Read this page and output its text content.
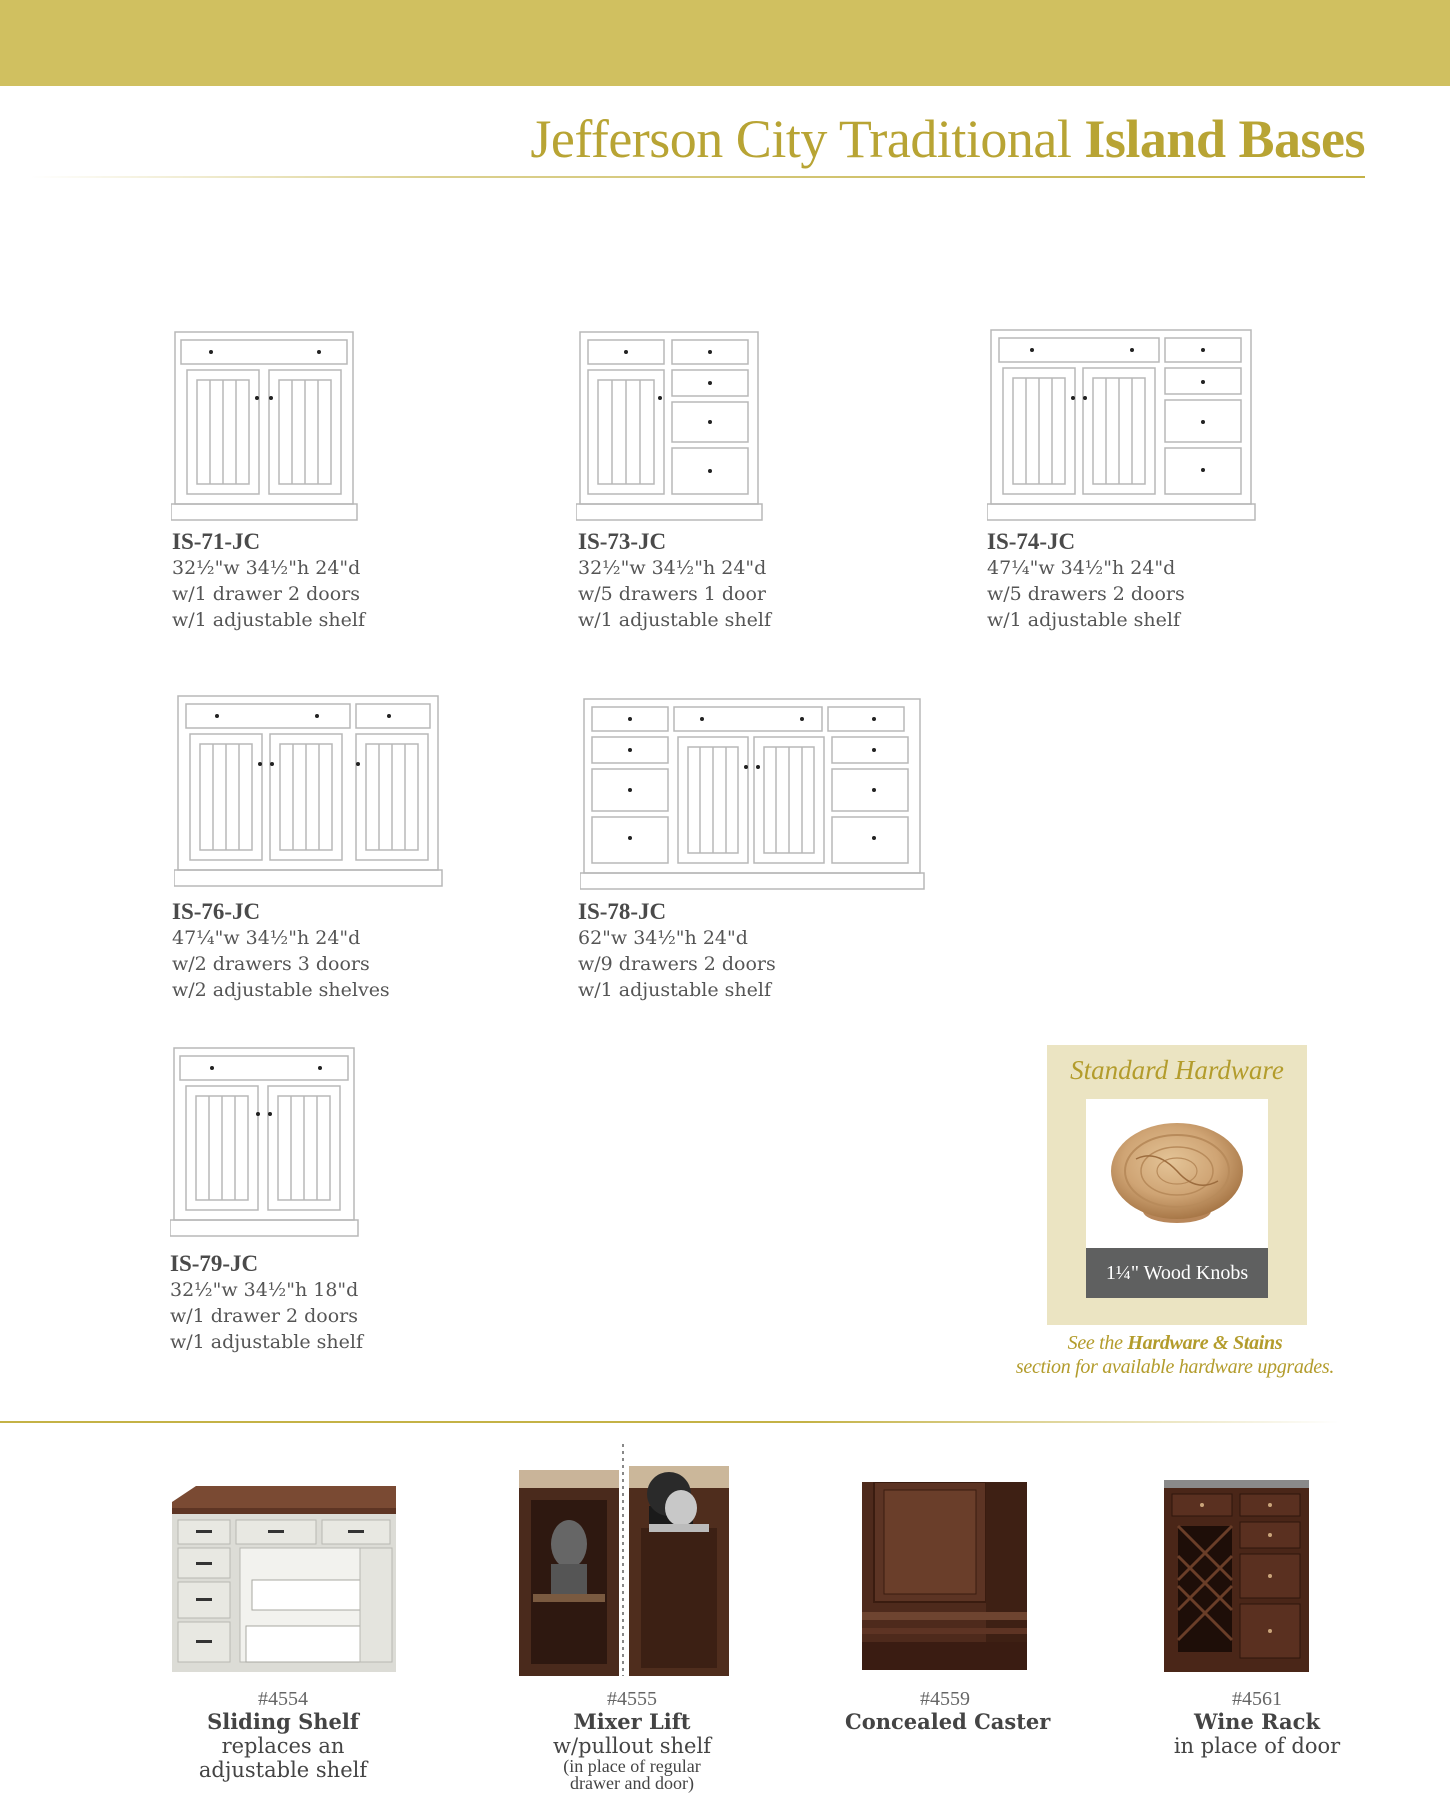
Jefferson City Traditional Island Bases
IS-71-JC
32½"w 34½"h 24"d
w/1 drawer 2 doors
w/1 adjustable shelf
IS-73-JC
32½"w 34½"h 24"d
w/5 drawers 1 door
w/1 adjustable shelf
IS-74-JC
47¼"w 34½"h 24"d
w/5 drawers 2 doors
w/1 adjustable shelf
IS-76-JC
47¼"w 34½"h 24"d
w/2 drawers 3 doors
w/2 adjustable shelves
IS-78-JC
62"w 34½"h 24"d
w/9 drawers 2 doors
w/1 adjustable shelf
IS-79-JC
32½"w 34½"h 18"d
w/1 drawer 2 doors
w/1 adjustable shelf
Standard Hardware
1¼" Wood Knobs
See the Hardware & Stains
section for available hardware upgrades.
#4554
Sliding Shelf
replaces an
adjustable shelf
#4555
Mixer Lift
w/pullout shelf
(in place of regular
drawer and door)
#4559
Concealed Caster
#4561
Wine Rack
in place of door
